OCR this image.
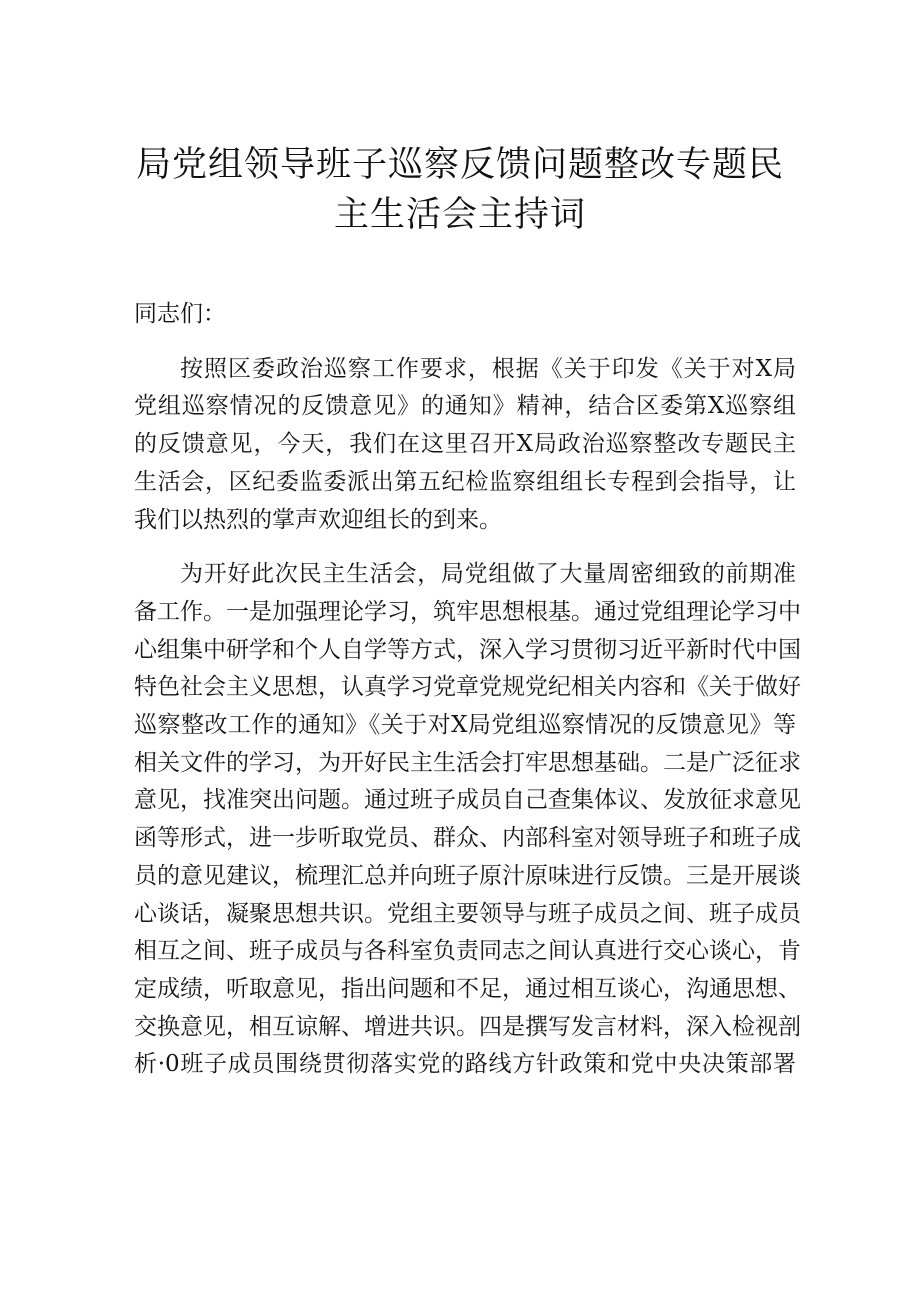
局党组领导班子巡察反馈问题整改专题民
主生活会主持词

同志们：

按照区委政治巡察工作要求，根据《关于印发《关于对X局
党组巡察情况的反馈意见》的通知》精神，结合区委第X巡察组
的反馈意见，今天，我们在这里召开X局政治巡察整改专题民主
生活会，区纪委监委派出第五纪检监察组组长专程到会指导，让
我们以热烈的掌声欢迎组长的到来。
为开好此次民主生活会，局党组做了大量周密细致的前期准
备工作。一是加强理论学习，筑牢思想根基。通过党组理论学习中
心组集中研学和个人自学等方式，深入学习贯彻习近平新时代中国
特色社会主义思想，认真学习党章党规党纪相关内容和《关于做好
巡察整改工作的通知》《关于对X局党组巡察情况的反馈意见》等
相关文件的学习，为开好民主生活会打牢思想基础。二是广泛征求
意见，找准突出问题。通过班子成员自己查集体议、发放征求意见
函等形式，进一步听取党员、群众、内部科室对领导班子和班子成
员的意见建议，梳理汇总并向班子原汁原味进行反馈。三是开展谈
心谈话，凝聚思想共识。党组主要领导与班子成员之间、班子成员
相互之间、班子成员与各科室负责同志之间认真进行交心谈心，肯
定成绩，听取意见，指出问题和不足，通过相互谈心，沟通思想、
交换意见，相互谅解、增进共识。四是撰写发言材料，深入检视剖
析·0班子成员围绕贯彻落实党的路线方针政策和党中央决策部署
